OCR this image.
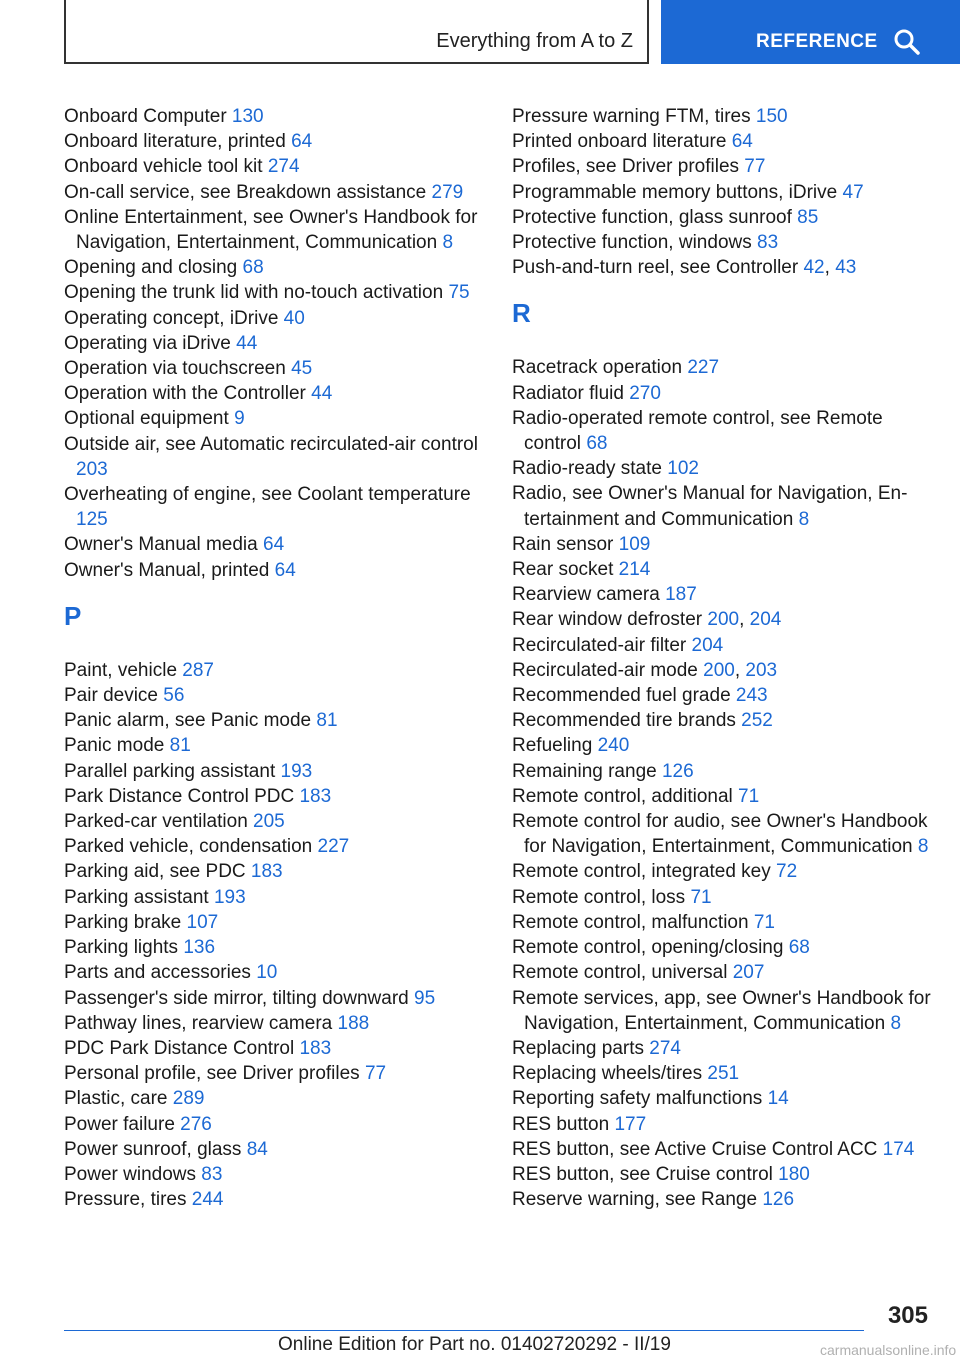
Everything from A to Z	REFERENCE
Onboard Computer 130
Onboard literature, printed 64
Onboard vehicle tool kit 274
On-call service, see Breakdown assistance 279
Online Entertainment, see Owner's Handbook for Navigation, Entertainment, Communication 8
Opening and closing 68
Opening the trunk lid with no-touch activation 75
Operating concept, iDrive 40
Operating via iDrive 44
Operation via touchscreen 45
Operation with the Controller 44
Optional equipment 9
Outside air, see Automatic recirculated-air control 203
Overheating of engine, see Coolant temperature 125
Owner's Manual media 64
Owner's Manual, printed 64
P
Paint, vehicle 287
Pair device 56
Panic alarm, see Panic mode 81
Panic mode 81
Parallel parking assistant 193
Park Distance Control PDC 183
Parked-car ventilation 205
Parked vehicle, condensation 227
Parking aid, see PDC 183
Parking assistant 193
Parking brake 107
Parking lights 136
Parts and accessories 10
Passenger's side mirror, tilting downward 95
Pathway lines, rearview camera 188
PDC Park Distance Control 183
Personal profile, see Driver profiles 77
Plastic, care 289
Power failure 276
Power sunroof, glass 84
Power windows 83
Pressure, tires 244
Pressure warning FTM, tires 150
Printed onboard literature 64
Profiles, see Driver profiles 77
Programmable memory buttons, iDrive 47
Protective function, glass sunroof 85
Protective function, windows 83
Push-and-turn reel, see Controller 42, 43
R
Racetrack operation 227
Radiator fluid 270
Radio-operated remote control, see Remote control 68
Radio-ready state 102
Radio, see Owner's Manual for Navigation, Entertainment and Communication 8
Rain sensor 109
Rear socket 214
Rearview camera 187
Rear window defroster 200, 204
Recirculated-air filter 204
Recirculated-air mode 200, 203
Recommended fuel grade 243
Recommended tire brands 252
Refueling 240
Remaining range 126
Remote control, additional 71
Remote control for audio, see Owner's Handbook for Navigation, Entertainment, Communication 8
Remote control, integrated key 72
Remote control, loss 71
Remote control, malfunction 71
Remote control, opening/closing 68
Remote control, universal 207
Remote services, app, see Owner's Handbook for Navigation, Entertainment, Communication 8
Replacing parts 274
Replacing wheels/tires 251
Reporting safety malfunctions 14
RES button 177
RES button, see Active Cruise Control ACC 174
RES button, see Cruise control 180
Reserve warning, see Range 126
305
Online Edition for Part no. 01402720292 - II/19	carmanualsonline.info
